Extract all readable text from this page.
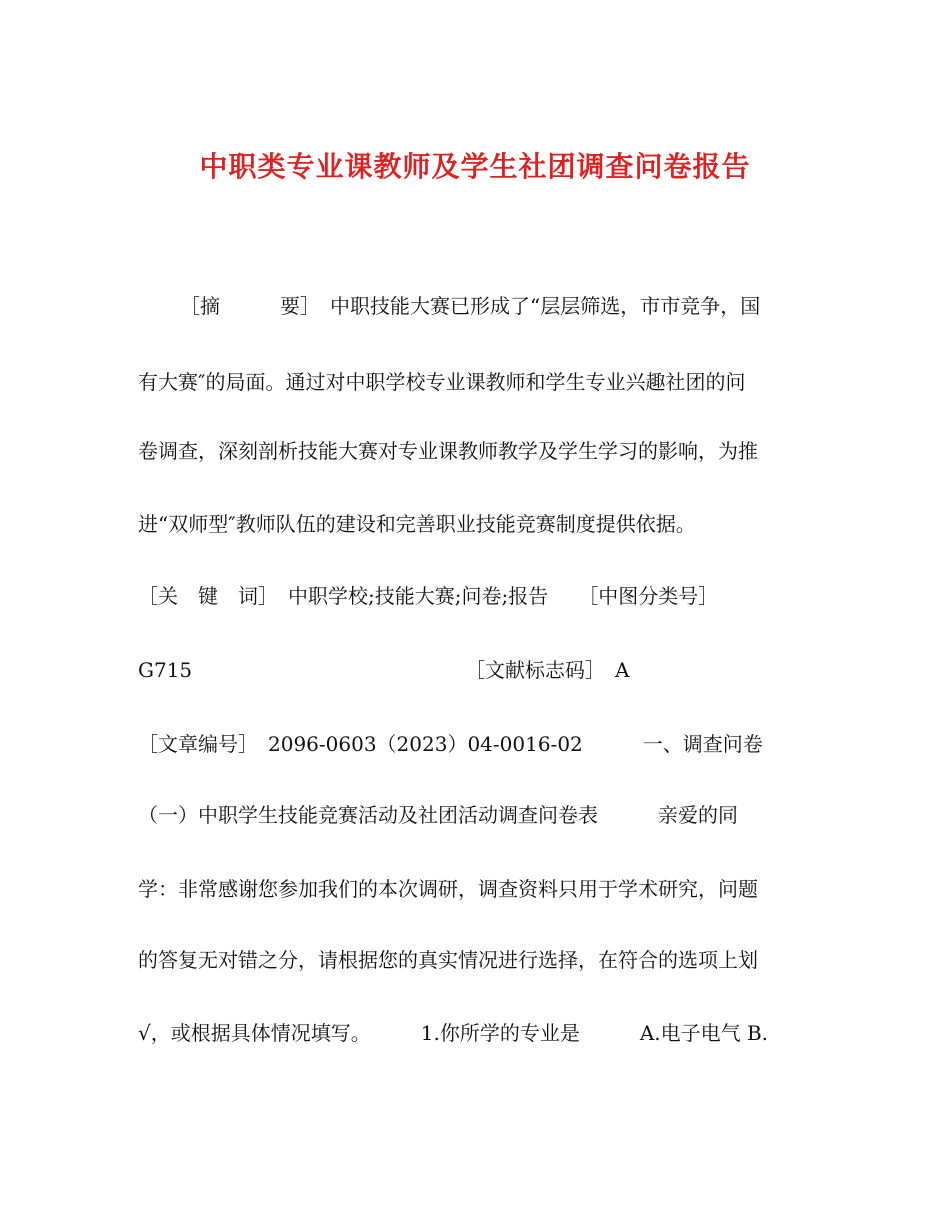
中职类专业课教师及学生社团调查问卷报告

［摘　　　要］　中职技能大赛已形成了“层层筛选，市市竞争，国

有大赛″的局面。通过对中职学校专业课教师和学生专业兴趣社团的问

卷调查，深刻剖析技能大赛对专业课教师教学及学生学习的影响，为推

进“双师型″教师队伍的建设和完善职业技能竞赛制度提供依据。

［关　键　词］　中职学校;技能大赛;问卷;报告　　［中图分类号］

G715	［文献标志码］　A

［文章编号］　2096-0603（2023）04-0016-02　　　一、调查问卷

（一）中职学生技能竞赛活动及社团活动调查问卷表　　　亲爱的同

学：非常感谢您参加我们的本次调研，调查资料只用于学术研究，问题

的答复无对错之分，请根据您的真实情况进行选择，在符合的选项上划

√，或根据具体情况填写。　　　1.你所学的专业是　　　A.电子电气 B.
